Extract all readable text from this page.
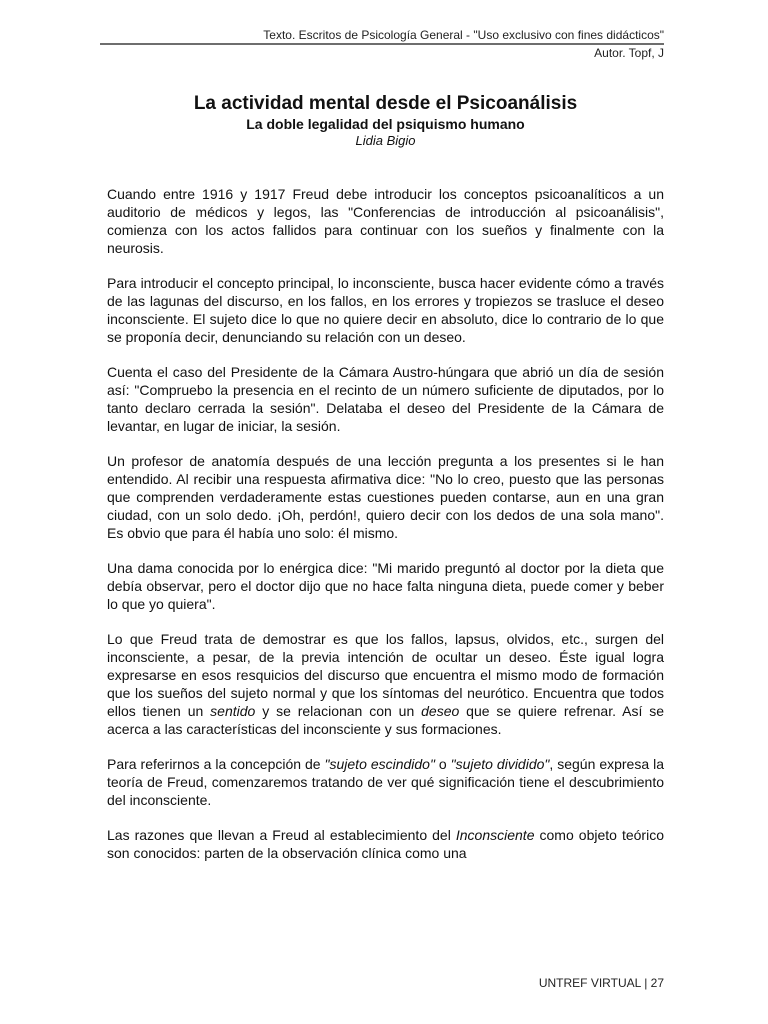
Texto. Escritos de Psicología General - "Uso exclusivo con fines didácticos"
Autor. Topf, J
La actividad mental desde el Psicoanálisis
La doble legalidad del psiquismo humano
Lidia Bigio

Cuando entre 1916 y 1917 Freud debe introducir los conceptos psicoanalíticos a un auditorio de médicos y legos, las "Conferencias de introducción al psicoanálisis", comienza con los actos fallidos para continuar con los sueños y finalmente con la neurosis.

Para introducir el concepto principal, lo inconsciente, busca hacer evidente cómo a través de las lagunas del discurso, en los fallos, en los errores y tropiezos se trasluce el deseo inconsciente. El sujeto dice lo que no quiere decir en absoluto, dice lo contrario de lo que se proponía decir, denunciando su relación con un deseo.

Cuenta el caso del Presidente de la Cámara Austro-húngara que abrió un día de sesión así: "Compruebo la presencia en el recinto de un número suficiente de diputados, por lo tanto declaro cerrada la sesión". Delataba el deseo del Presidente de la Cámara de levantar, en lugar de iniciar, la sesión.

Un profesor de anatomía después de una lección pregunta a los presentes si le han entendido. Al recibir una respuesta afirmativa dice: "No lo creo, puesto que las personas que comprenden verdaderamente estas cuestiones pueden contarse, aun en una gran ciudad, con un solo dedo. ¡Oh, perdón!, quiero decir con los dedos de una sola mano". Es obvio que para él había uno solo: él mismo.

Una dama conocida por lo enérgica dice: "Mi marido preguntó al doctor por la dieta que debía observar, pero el doctor dijo que no hace falta ninguna dieta, puede comer y beber lo que yo quiera".

Lo que Freud trata de demostrar es que los fallos, lapsus, olvidos, etc., surgen del inconsciente, a pesar, de la previa intención de ocultar un deseo. Éste igual logra expresarse en esos resquicios del discurso que encuentra el mismo modo de formación que los sueños del sujeto normal y que los síntomas del neurótico. Encuentra que todos ellos tienen un sentido y se relacionan con un deseo que se quiere refrenar. Así se acerca a las características del inconsciente y sus formaciones.

Para referirnos a la concepción de "sujeto escindido" o "sujeto dividido", según expresa la teoría de Freud, comenzaremos tratando de ver qué significación tiene el descubrimiento del inconsciente.

Las razones que llevan a Freud al establecimiento del Inconsciente como objeto teórico son conocidos: parten de la observación clínica como una

UNTREF VIRTUAL | 27
